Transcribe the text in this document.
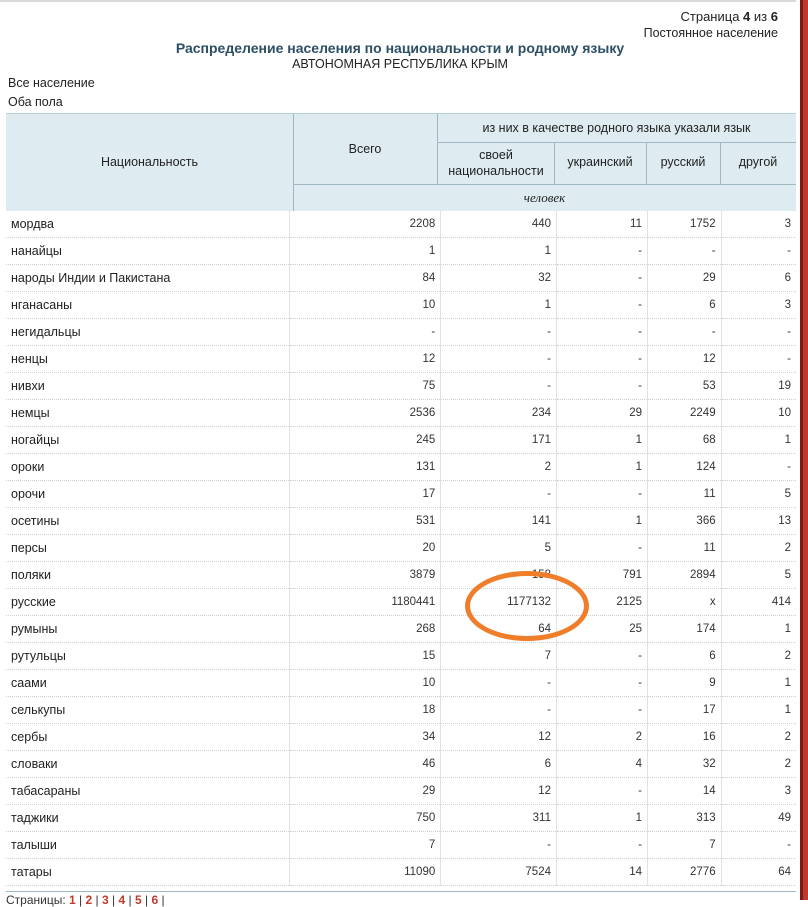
Страница 4 из 6
Постоянное население
Распределение населения по национальности и родному языку
АВТОНОМНАЯ РЕСПУБЛИКА КРЫМ
Все население
Оба пола
Национальность
Всего
из них в качестве родного языка указали язык
своей национальности
украинский	русский	другой
человек
мордва	2208	440	11	1752	3
нанайцы	1	1	-	-	-
народы Индии и Пакистана	84	32	-	29	6
нганасаны	10	1	-	6	3
негидальцы	-	-	-	-	-
ненцы	12	-	-	12	-
нивхи	75	-	-	53	19
немцы	2536	234	29	2249	10
ногайцы	245	171	1	68	1
ороки	131	2	1	124	-
орочи	17	-	-	11	5
осетины	531	141	1	366	13
персы	20	5	-	11	2
поляки	3879	158	791	2894	5
русские	1180441	1177132	2125	x	414
румыны	268	64	25	174	1
рутульцы	15	7	-	6	2
саами	10	-	-	9	1
селькупы	18	-	-	17	1
сербы	34	12	2	16	2
словаки	46	6	4	32	2
табасараны	29	12	-	14	3
таджики	750	311	1	313	49
талыши	7	-	-	7	-
татары	11090	7524	14	2776	64
Страницы: 1 | 2 | 3 | 4 | 5 | 6 |
